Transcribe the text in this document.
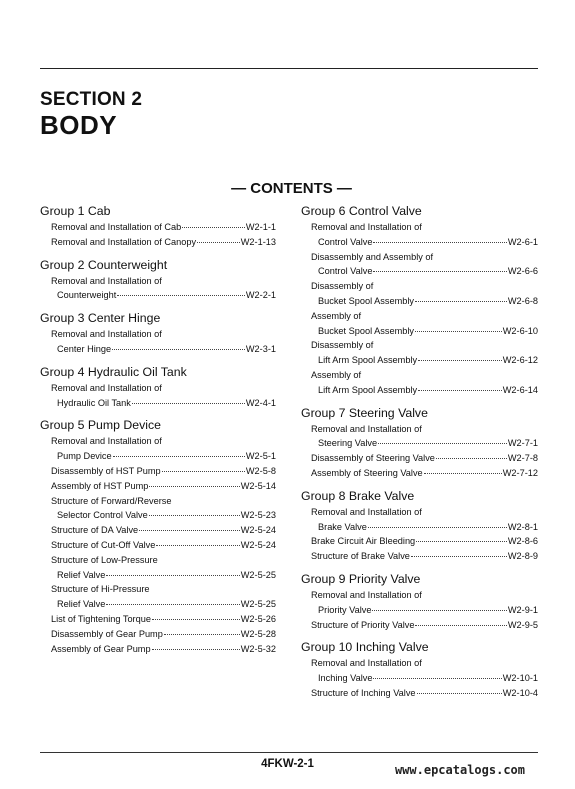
SECTION 2
BODY
— CONTENTS —
Group 1 Cab
Removal and Installation of Cab	W2-1-1
Removal and Installation of Canopy	W2-1-13
Group 2 Counterweight
Removal and Installation of
Counterweight	W2-2-1
Group 3 Center Hinge
Removal and Installation of
Center Hinge	W2-3-1
Group 4 Hydraulic Oil Tank
Removal and Installation of
Hydraulic Oil Tank	W2-4-1
Group 5 Pump Device
Removal and Installation of
Pump Device	W2-5-1
Disassembly of HST Pump	W2-5-8
Assembly of HST Pump	W2-5-14
Structure of Forward/Reverse
Selector Control Valve	W2-5-23
Structure of DA Valve	W2-5-24
Structure of Cut-Off Valve	W2-5-24
Structure of Low-Pressure
Relief Valve	W2-5-25
Structure of Hi-Pressure
Relief Valve	W2-5-25
List of Tightening Torque	W2-5-26
Disassembly of Gear Pump	W2-5-28
Assembly of Gear Pump	W2-5-32
Group 6 Control Valve
Removal and Installation of
Control Valve	W2-6-1
Disassembly and Assembly of
Control Valve	W2-6-6
Disassembly of
Bucket Spool Assembly	W2-6-8
Assembly of
Bucket Spool Assembly	W2-6-10
Disassembly of
Lift Arm Spool Assembly	W2-6-12
Assembly of
Lift Arm Spool Assembly	W2-6-14
Group 7 Steering Valve
Removal and Installation of
Steering Valve	W2-7-1
Disassembly of Steering Valve	W2-7-8
Assembly of Steering Valve	W2-7-12
Group 8 Brake Valve
Removal and Installation of
Brake Valve	W2-8-1
Brake Circuit Air Bleeding	W2-8-6
Structure of Brake Valve	W2-8-9
Group 9 Priority Valve
Removal and Installation of
Priority Valve	W2-9-1
Structure of Priority Valve	W2-9-5
Group 10 Inching Valve
Removal and Installation of
Inching Valve	W2-10-1
Structure of Inching Valve	W2-10-4
4FKW-2-1	www.epcatalogs.com
